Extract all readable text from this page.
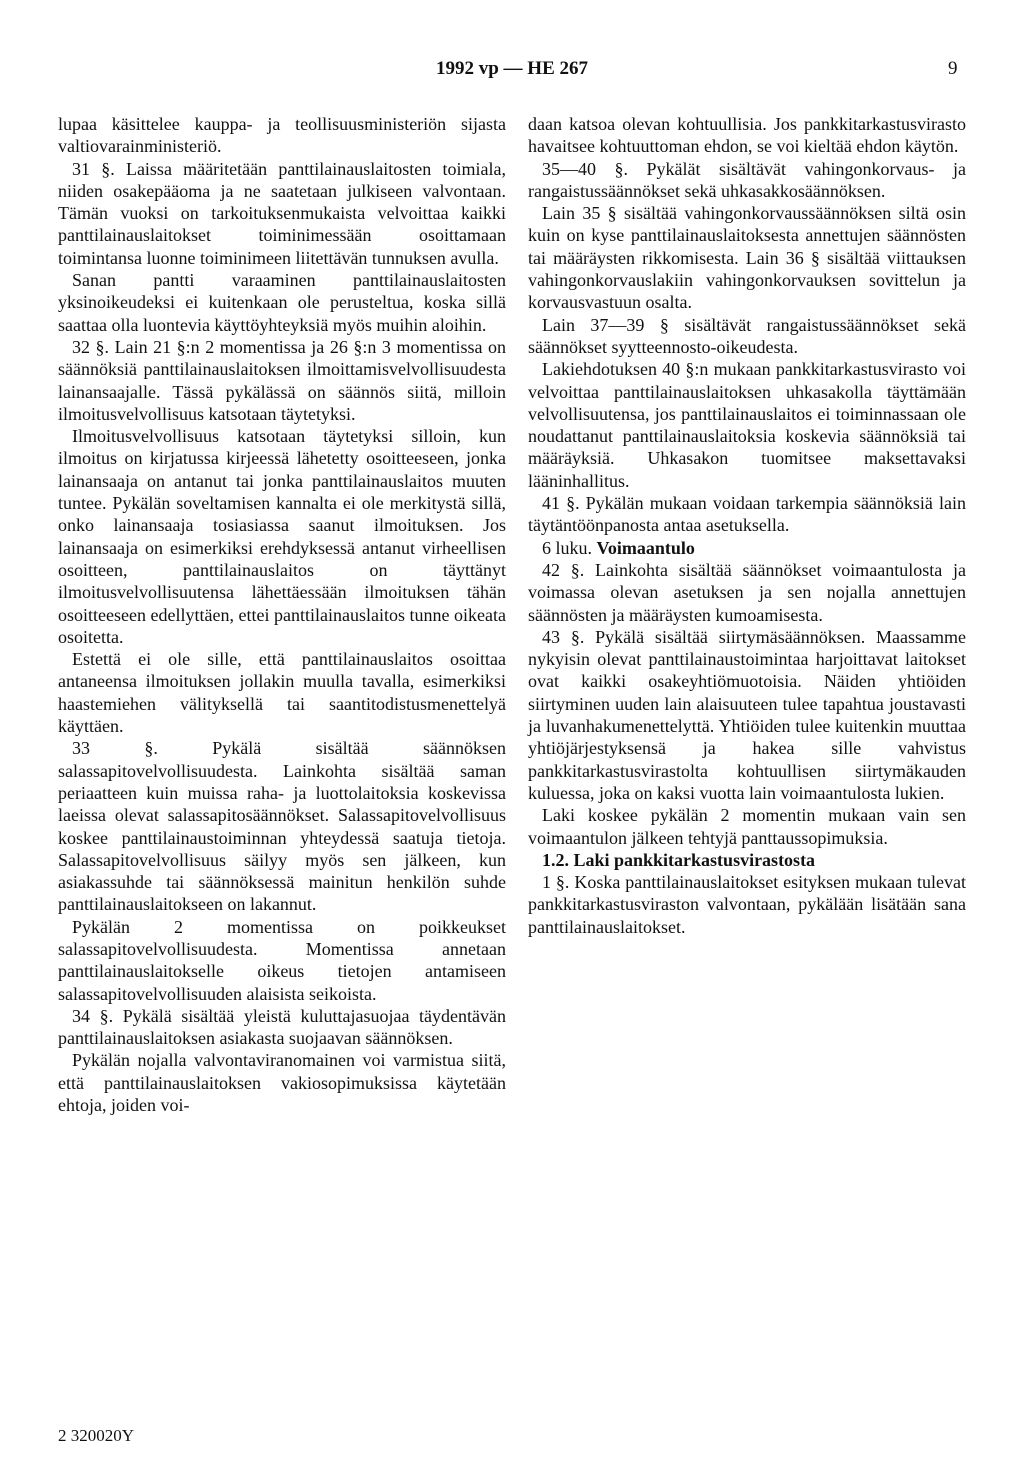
1992 vp — HE 267	9

lupaa käsittelee kauppa- ja teollisuusministeriön sijasta valtiovarainministeriö.

31 §. Laissa määritetään panttilainauslaitosten toimiala, niiden osakepääoma ja ne saatetaan julkiseen valvontaan. Tämän vuoksi on tarkoituksenmukaista velvoittaa kaikki panttilainauslaitokset toiminimessään osoittamaan toimintansa luonne toiminimeen liitettävän tunnuksen avulla.

Sanan pantti varaaminen panttilainauslaitosten yksinoikeudeksi ei kuitenkaan ole perusteltua, koska sillä saattaa olla luontevia käyttöyhteyksiä myös muihin aloihin.

32 §. Lain 21 §:n 2 momentissa ja 26 §:n 3 momentissa on säännöksiä panttilainauslaitoksen ilmoittamisvelvollisuudesta lainansaajalle. Tässä pykälässä on säännös siitä, milloin ilmoitusvelvollisuus katsotaan täytetyksi.

Ilmoitusvelvollisuus katsotaan täytetyksi silloin, kun ilmoitus on kirjatussa kirjeessä lähetetty osoitteeseen, jonka lainansaaja on antanut tai jonka panttilainauslaitos muuten tuntee. Pykälän soveltamisen kannalta ei ole merkitystä sillä, onko lainansaaja tosiasiassa saanut ilmoituksen. Jos lainansaaja on esimerkiksi erehdyksessä antanut virheellisen osoitteen, panttilainauslaitos on täyttänyt ilmoitusvelvollisuutensa lähettäessään ilmoituksen tähän osoitteeseen edellyttäen, ettei panttilainauslaitos tunne oikeata osoitetta.

Estettä ei ole sille, että panttilainauslaitos osoittaa antaneensa ilmoituksen jollakin muulla tavalla, esimerkiksi haastemiehen välityksellä tai saantitodistusmenettelyä käyttäen.

33 §. Pykälä sisältää säännöksen salassapitovelvollisuudesta. Lainkohta sisältää saman periaatteen kuin muissa raha- ja luottolaitoksia koskevissa laeissa olevat salassapitosäännökset. Salassapitovelvollisuus koskee panttilainaustoiminnan yhteydessä saatuja tietoja. Salassapitovelvollisuus säilyy myös sen jälkeen, kun asiakassuhde tai säännöksessä mainitun henkilön suhde panttilainauslaitokseen on lakannut.

Pykälän 2 momentissa on poikkeukset salassapitovelvollisuudesta. Momentissa annetaan panttilainauslaitokselle oikeus tietojen antamiseen salassapitovelvollisuuden alaisista seikoista.

34 §. Pykälä sisältää yleistä kuluttajasuojaa täydentävän panttilainauslaitoksen asiakasta suojaavan säännöksen.

Pykälän nojalla valvontaviranomainen voi varmistua siitä, että panttilainauslaitoksen vakiosopimuksissa käytetään ehtoja, joiden voi-

daan katsoa olevan kohtuullisia. Jos pankkitarkastusvirasto havaitsee kohtuuttoman ehdon, se voi kieltää ehdon käytön.

35—40 §. Pykälät sisältävät vahingonkorvaus- ja rangaistussäännökset sekä uhkasakkosäännöksen.

Lain 35 § sisältää vahingonkorvaussäännöksen siltä osin kuin on kyse panttilainauslaitoksesta annettujen säännösten tai määräysten rikkomisesta. Lain 36 § sisältää viittauksen vahingonkorvauslakiin vahingonkorvauksen sovittelun ja korvausvastuun osalta.

Lain 37—39 § sisältävät rangaistussäännökset sekä säännökset syytteennosto-oikeudesta.

Lakiehdotuksen 40 §:n mukaan pankkitarkastusvirasto voi velvoittaa panttilainauslaitoksen uhkasakolla täyttämään velvollisuutensa, jos panttilainauslaitos ei toiminnassaan ole noudattanut panttilainauslaitoksia koskevia säännöksiä tai määräyksiä. Uhkasakon tuomitsee maksettavaksi lääninhallitus.

41 §. Pykälän mukaan voidaan tarkempia säännöksiä lain täytäntöönpanosta antaa asetuksella.

6 luku. Voimaantulo

42 §. Lainkohta sisältää säännökset voimaantulosta ja voimassa olevan asetuksen ja sen nojalla annettujen säännösten ja määräysten kumoamisesta.

43 §. Pykälä sisältää siirtymäsäännöksen. Maassamme nykyisin olevat panttilainaustoimintaa harjoittavat laitokset ovat kaikki osakeyhtiömuotoisia. Näiden yhtiöiden siirtyminen uuden lain alaisuuteen tulee tapahtua joustavasti ja luvanhakumenettelyttä. Yhtiöiden tulee kuitenkin muuttaa yhtiöjärjestyksensä ja hakea sille vahvistus pankkitarkastusvirastolta kohtuullisen siirtymäkauden kuluessa, joka on kaksi vuotta lain voimaantulosta lukien.

Laki koskee pykälän 2 momentin mukaan vain sen voimaantulon jälkeen tehtyjä panttaussopimuksia.

1.2. Laki pankkitarkastusvirastosta

1 §. Koska panttilainauslaitokset esityksen mukaan tulevat pankkitarkastusviraston valvontaan, pykälään lisätään sana panttilainauslaitokset.

2 320020Y
